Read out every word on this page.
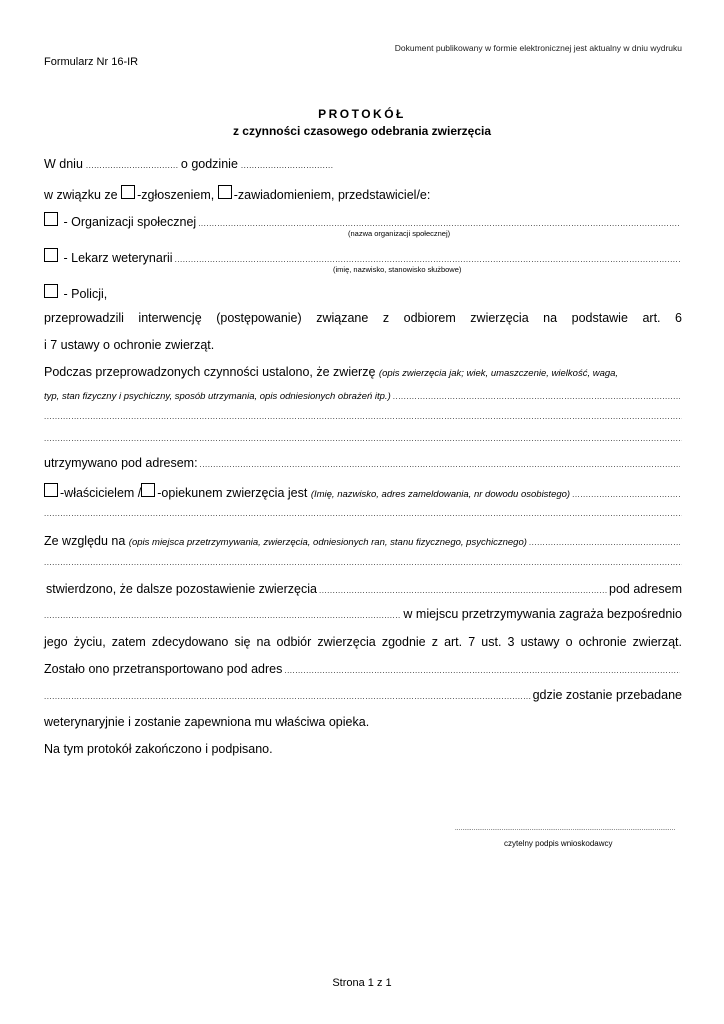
Dokument publikowany w formie elektronicznej jest aktualny w dniu wydruku
Formularz Nr 16-IR
PROTOKÓŁ
z czynności czasowego odebrania zwierzęcia
W dniu .....	o godzinie
.....
w związku ze
-zgłoszeniem,
-zawiadomieniem, przedstawiciel/e:

- Organizacji społecznej
.....
(nazwa organizacji społecznej)

- Lekarz weterynarii
.....
(imię, nazwisko, stanowisko służbowe)

- Policji,
przeprowadzili interwencję (postępowanie) związane z odbiorem zwierzęcia na podstawie art. 6
i 7 ustawy o ochronie zwierząt.
Podczas przeprowadzonych czynności ustalono, że zwierzę
(opis zwierzęcia jak; wiek, umaszczenie, wielkość, waga,
typ, stan fizyczny i psychiczny, sposób utrzymania, opis odniesionych obrażeń itp.)
.....
.....
.....
utrzymywano pod adresem:
.....
-właścicielem / -opiekunem zwierzęcia jest
(Imię, nazwisko, adres zameldowania, nr dowodu osobistego)
.....
.....
Ze względu na
(opis miejsca przetrzymywania, zwierzęcia, odniesionych ran, stanu fizycznego, psychicznego)
.....
.....
stwierdzono, że dalsze pozostawienie zwierzęcia .....	pod adresem
.....
w miejscu przetrzymywania zagraża bezpośrednio
jego życiu, zatem zdecydowano się na odbiór zwierzęcia zgodnie z art. 7 ust. 3 ustawy o ochronie zwierząt.
Zostało ono przetransportowano pod adres
.....
.....
gdzie zostanie przebadane
weterynaryjnie i zostanie zapewniona mu właściwa opieka.
Na tym protokół zakończono i podpisano.
.....
czytelny podpis wnioskodawcy
Strona 1 z 1
